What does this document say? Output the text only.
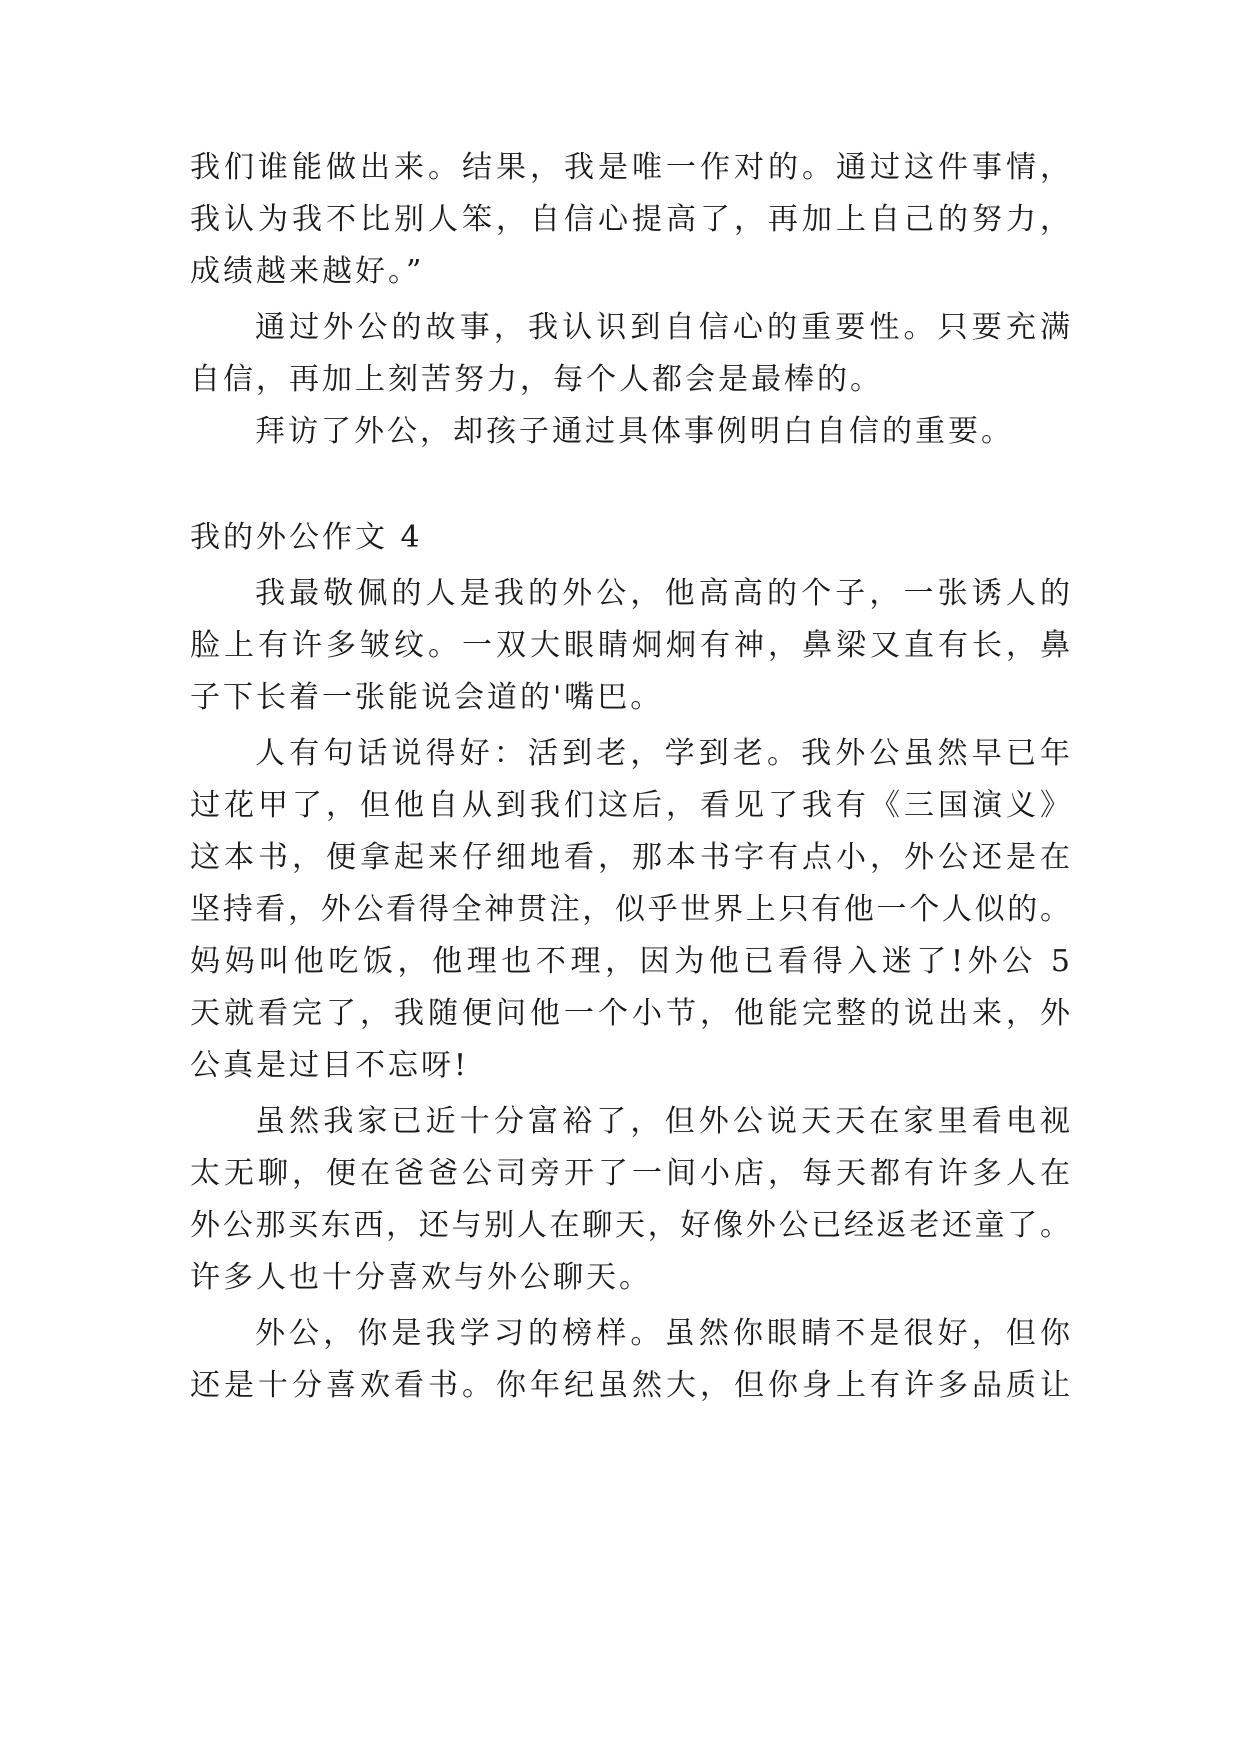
我们谁能做出来。结果，我是唯一作对的。通过这件事情，
我认为我不比别人笨，自信心提高了，再加上自己的努力，
成绩越来越好。”
通过外公的故事，我认识到自信心的重要性。只要充满
自信，再加上刻苦努力，每个人都会是最棒的。
拜访了外公，却孩子通过具体事例明白自信的重要。
我的外公作文 4
我最敬佩的人是我的外公，他高高的个子，一张诱人的
脸上有许多皱纹。一双大眼睛炯炯有神，鼻梁又直有长，鼻
子下长着一张能说会道的'嘴巴。
人有句话说得好：活到老，学到老。我外公虽然早已年
过花甲了，但他自从到我们这后，看见了我有《三国演义》
这本书，便拿起来仔细地看，那本书字有点小，外公还是在
坚持看，外公看得全神贯注，似乎世界上只有他一个人似的。
妈妈叫他吃饭，他理也不理，因为他已看得入迷了!外公 5
天就看完了，我随便问他一个小节，他能完整的说出来，外
公真是过目不忘呀!
虽然我家已近十分富裕了，但外公说天天在家里看电视
太无聊，便在爸爸公司旁开了一间小店，每天都有许多人在
外公那买东西，还与别人在聊天，好像外公已经返老还童了。
许多人也十分喜欢与外公聊天。
外公，你是我学习的榜样。虽然你眼睛不是很好，但你
还是十分喜欢看书。你年纪虽然大，但你身上有许多品质让
